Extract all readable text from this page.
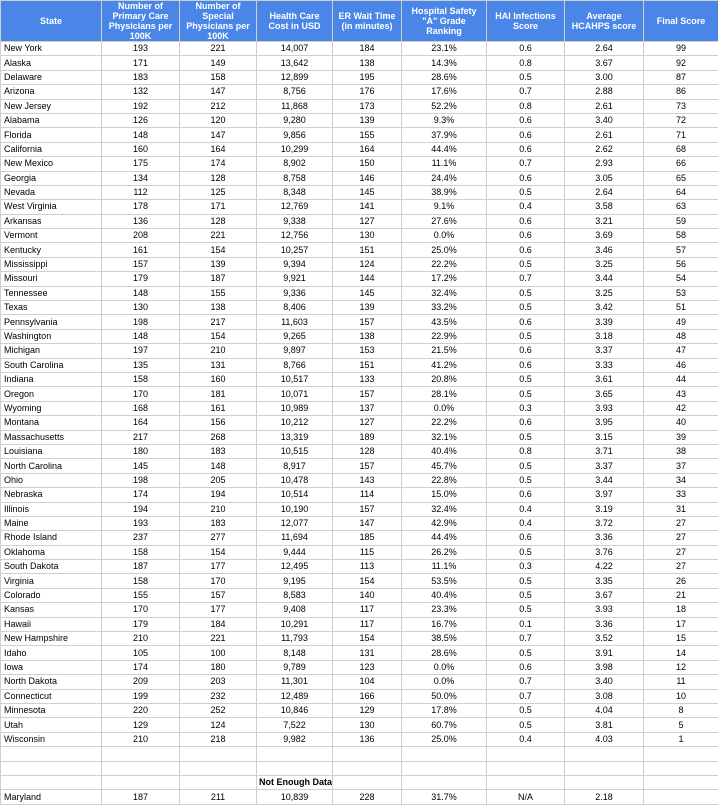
State	Number of Primary Care Physicians per 100K	Number of Special Physicians per 100K	Health Care Cost in USD	ER Wait Time (in minutes)	Hospital Safety "A" Grade Ranking	HAI Infections Score	Average HCAHPS score	Final Score
New York	193	221	14,007	184	23.1%	0.6	2.64	99
Alaska	171	149	13,642	138	14.3%	0.8	3.67	92
Delaware	183	158	12,899	195	28.6%	0.5	3.00	87
Arizona	132	147	8,756	176	17.6%	0.7	2.88	86
New Jersey	192	212	11,868	173	52.2%	0.8	2.61	73
Alabama	126	120	9,280	139	9.3%	0.6	3.40	72
Florida	148	147	9,856	155	37.9%	0.6	2.61	71
California	160	164	10,299	164	44.4%	0.6	2.62	68
New Mexico	175	174	8,902	150	11.1%	0.7	2.93	66
Georgia	134	128	8,758	146	24.4%	0.6	3.05	65
Nevada	112	125	8,348	145	38.9%	0.5	2.64	64
West Virginia	178	171	12,769	141	9.1%	0.4	3.58	63
Arkansas	136	128	9,338	127	27.6%	0.6	3.21	59
Vermont	208	221	12,756	130	0.0%	0.6	3.69	58
Kentucky	161	154	10,257	151	25.0%	0.6	3.46	57
Mississippi	157	139	9,394	124	22.2%	0.5	3.25	56
Missouri	179	187	9,921	144	17.2%	0.7	3.44	54
Tennessee	148	155	9,336	145	32.4%	0.5	3.25	53
Texas	130	138	8,406	139	33.2%	0.5	3.42	51
Pennsylvania	198	217	11,603	157	43.5%	0.6	3.39	49
Washington	148	154	9,265	138	22.9%	0.5	3.18	48
Michigan	197	210	9,897	153	21.5%	0.6	3.37	47
South Carolina	135	131	8,766	151	41.2%	0.6	3.33	46
Indiana	158	160	10,517	133	20.8%	0.5	3.61	44
Oregon	170	181	10,071	157	28.1%	0.5	3.65	43
Wyoming	168	161	10,989	137	0.0%	0.3	3.93	42
Montana	164	156	10,212	127	22.2%	0.6	3.95	40
Massachusetts	217	268	13,319	189	32.1%	0.5	3.15	39
Louisiana	180	183	10,515	128	40.4%	0.8	3.71	38
North Carolina	145	148	8,917	157	45.7%	0.5	3.37	37
Ohio	198	205	10,478	143	22.8%	0.5	3.44	34
Nebraska	174	194	10,514	114	15.0%	0.6	3.97	33
Illinois	194	210	10,190	157	32.4%	0.4	3.19	31
Maine	193	183	12,077	147	42.9%	0.4	3.72	27
Rhode Island	237	277	11,694	185	44.4%	0.6	3.36	27
Oklahoma	158	154	9,444	115	26.2%	0.5	3.76	27
South Dakota	187	177	12,495	113	11.1%	0.3	4.22	27
Virginia	158	170	9,195	154	53.5%	0.5	3.35	26
Colorado	155	157	8,583	140	40.4%	0.5	3.67	21
Kansas	170	177	9,408	117	23.3%	0.5	3.93	18
Hawaii	179	184	10,291	117	16.7%	0.1	3.36	17
New Hampshire	210	221	11,793	154	38.5%	0.7	3.52	15
Idaho	105	100	8,148	131	28.6%	0.5	3.91	14
Iowa	174	180	9,789	123	0.0%	0.6	3.98	12
North Dakota	209	203	11,301	104	0.0%	0.7	3.40	11
Connecticut	199	232	12,489	166	50.0%	0.7	3.08	10
Minnesota	220	252	10,846	129	17.8%	0.5	4.04	8
Utah	129	124	7,522	130	60.7%	0.5	3.81	5
Wisconsin	210	218	9,982	136	25.0%	0.4	4.03	1

			Not Enough Data					
Maryland	187	211	10,839	228	31.7%	N/A	2.18	
